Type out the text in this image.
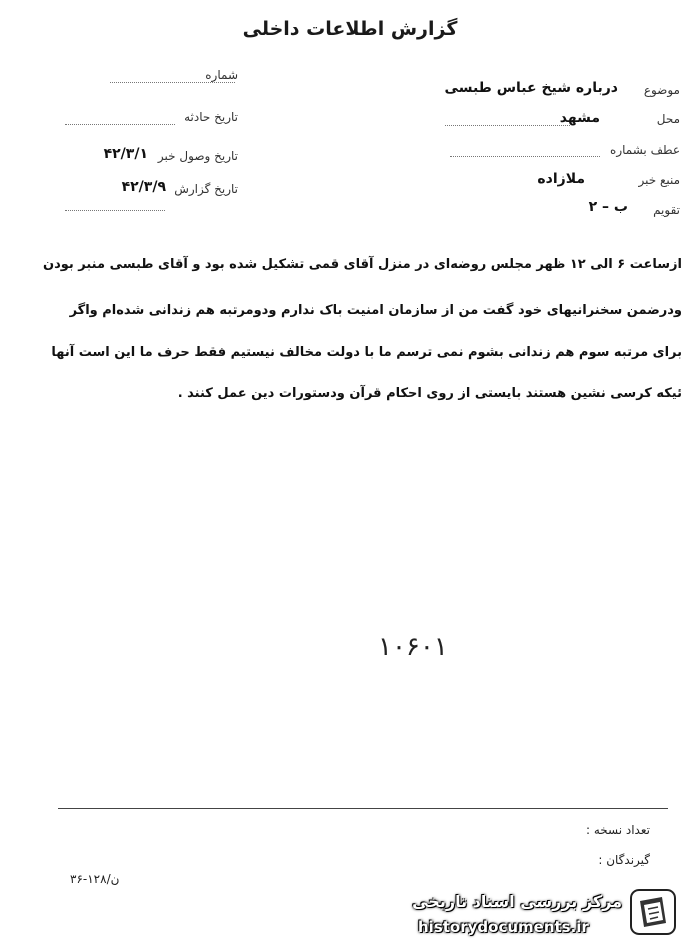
گزارش اطلاعات داخلی
شماره
تاریخ حادثه
تاریخ وصول خبر
۴۲/۳/۱
تاریخ گزارش
۴۲/۳/۹
موضوع
درباره شیخ عباس طبسی
محل
مشهد
عطف بشماره
منبع خبر
ملازاده
تقویم
ب – ۲
ازساعت ۶ الی ۱۲ ظهر مجلس روضه‌ای در منزل آقای قمی تشکیل شده بود و آقای طبسی منبر بودن
ودرضمن سخنرانیهای خود گفت من از سازمان امنیت باک ندارم ودومرتبه هم زندانی شده‌ام واگر
برای مرتبه سوم هم زندانی بشوم نمی ترسم ما با دولت مخالف نیستیم فقط حرف ما این است آنها
ئیکه کرسی نشین هستند بایستی از روی احکام قرآن ودستورات دین عمل کنند .
۱۰۶۰۱
تعداد نسخه :
گیرندگان :
ن/۱۲۸-۳۶
مرکز بررسی اسناد تاریخی
historydocuments.ir
